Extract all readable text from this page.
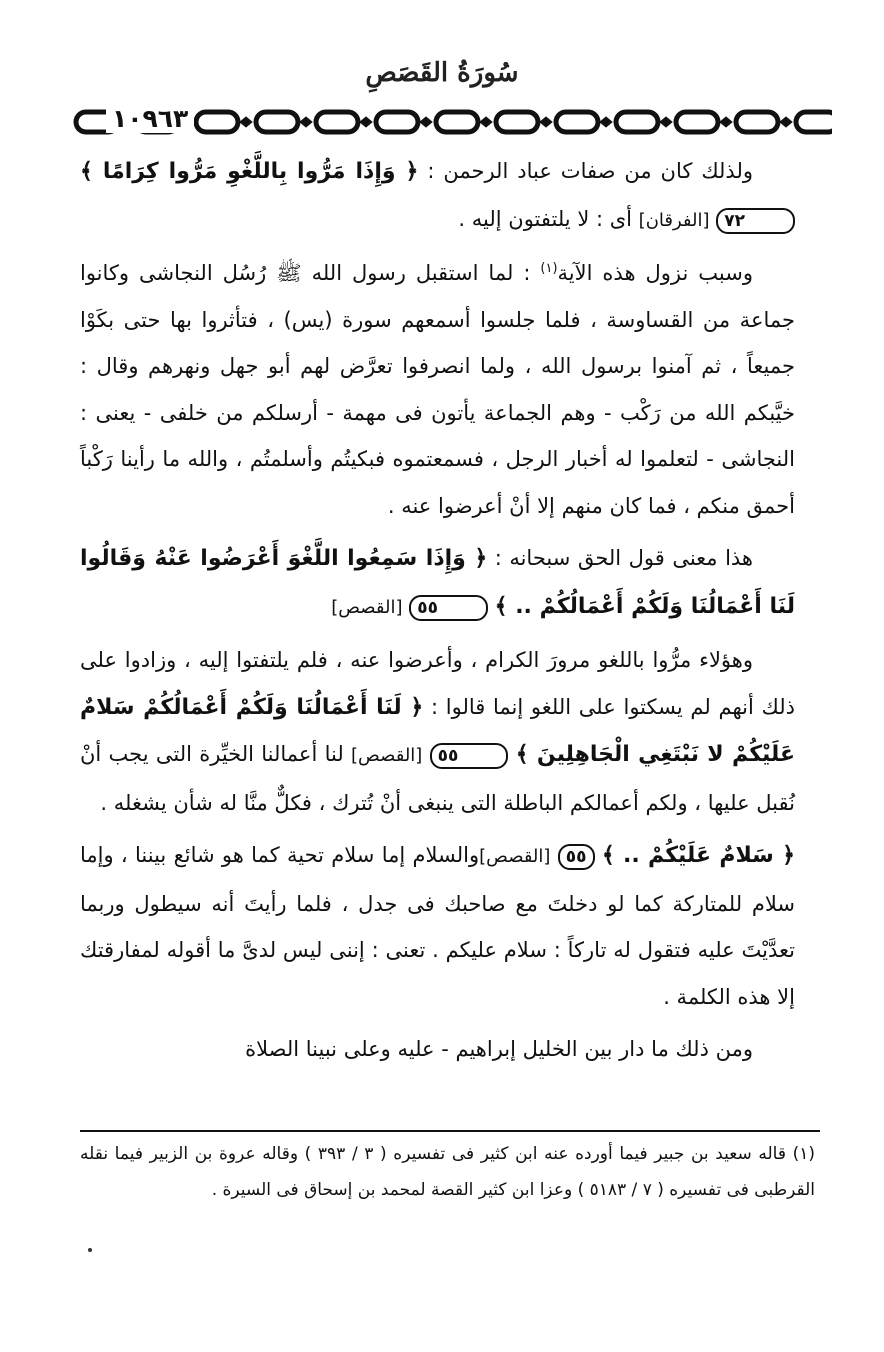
سُورَةُ القَصَصِ
١٠٩٦٣

ولذلك كان من صفات عباد الرحمن : ﴿ وَإِذَا مَرُّوا بِاللَّغْوِ مَرُّوا كِرَامًا ﴾ ٧٢ [الفرقان] أى : لا يلتفتون إليه .

وسبب نزول هذه الآية$^{(١)}$ : لما استقبل رسول الله ﷺ رُسُل النجاشى وكانوا جماعة من القساوسة ، فلما جلسوا أسمعهم سورة (يس) ، فتأثروا بها حتى بكَوْا جميعاً ، ثم آمنوا برسول الله ، ولما انصرفوا تعرَّض لهم أبو جهل ونهرهم وقال : خيَّبكم الله من رَكْب - وهم الجماعة يأتون فى مهمة - أرسلكم من خلفى - يعنى : النجاشى - لتعلموا له أخبار الرجل ، فسمعتموه فبكيتُم وأسلمتُم ، والله ما رأينا رَكْباً أحمق منكم ، فما كان منهم إلا أنْ أعرضوا عنه .

هذا معنى قول الحق سبحانه : ﴿ وَإِذَا سَمِعُوا اللَّغْوَ أَعْرَضُوا عَنْهُ وَقَالُوا لَنَا أَعْمَالُنَا وَلَكُمْ أَعْمَالُكُمْ .. ﴾ ٥٥ [القصص]

وهؤلاء مرُّوا باللغو مرورَ الكرام ، وأعرضوا عنه ، فلم يلتفتوا إليه ، وزادوا على ذلك أنهم لم يسكتوا على اللغو إنما قالوا : ﴿ لَنَا أَعْمَالُنَا وَلَكُمْ أَعْمَالُكُمْ سَلامٌ عَلَيْكُمْ لا نَبْتَغِي الْجَاهِلِينَ ﴾ ٥٥ [القصص] لنا أعمالنا الخيِّرة التى يجب أنْ نُقبل عليها ، ولكم أعمالكم الباطلة التى ينبغى أنْ تُترك ، فكلٌّ منَّا له شأن يشغله .

﴿ سَلامٌ عَلَيْكُمْ .. ﴾ ٥٥ [القصص]والسلام إما سلام تحية كما هو شائع بيننا ، وإما سلام للمتاركة كما لو دخلتَ مع صاحبك فى جدل ، فلما رأيتَ أنه سيطول وربما تعدَّيْتَ عليه فتقول له تاركاً : سلام عليكم . تعنى : إننى ليس لدىَّ ما أقوله لمفارقتك إلا هذه الكلمة .

ومن ذلك ما دار بين الخليل إبراهيم - عليه وعلى نبينا الصلاة

(١) قاله سعيد بن جبير فيما أورده عنه ابن كثير فى تفسيره ( ٣ / ٣٩٣ ) وقاله عروة بن الزبير فيما نقله القرطبى فى تفسيره ( ٧ / ٥١٨٣ ) وعزا ابن كثير القصة لمحمد بن إسحاق فى السيرة .
